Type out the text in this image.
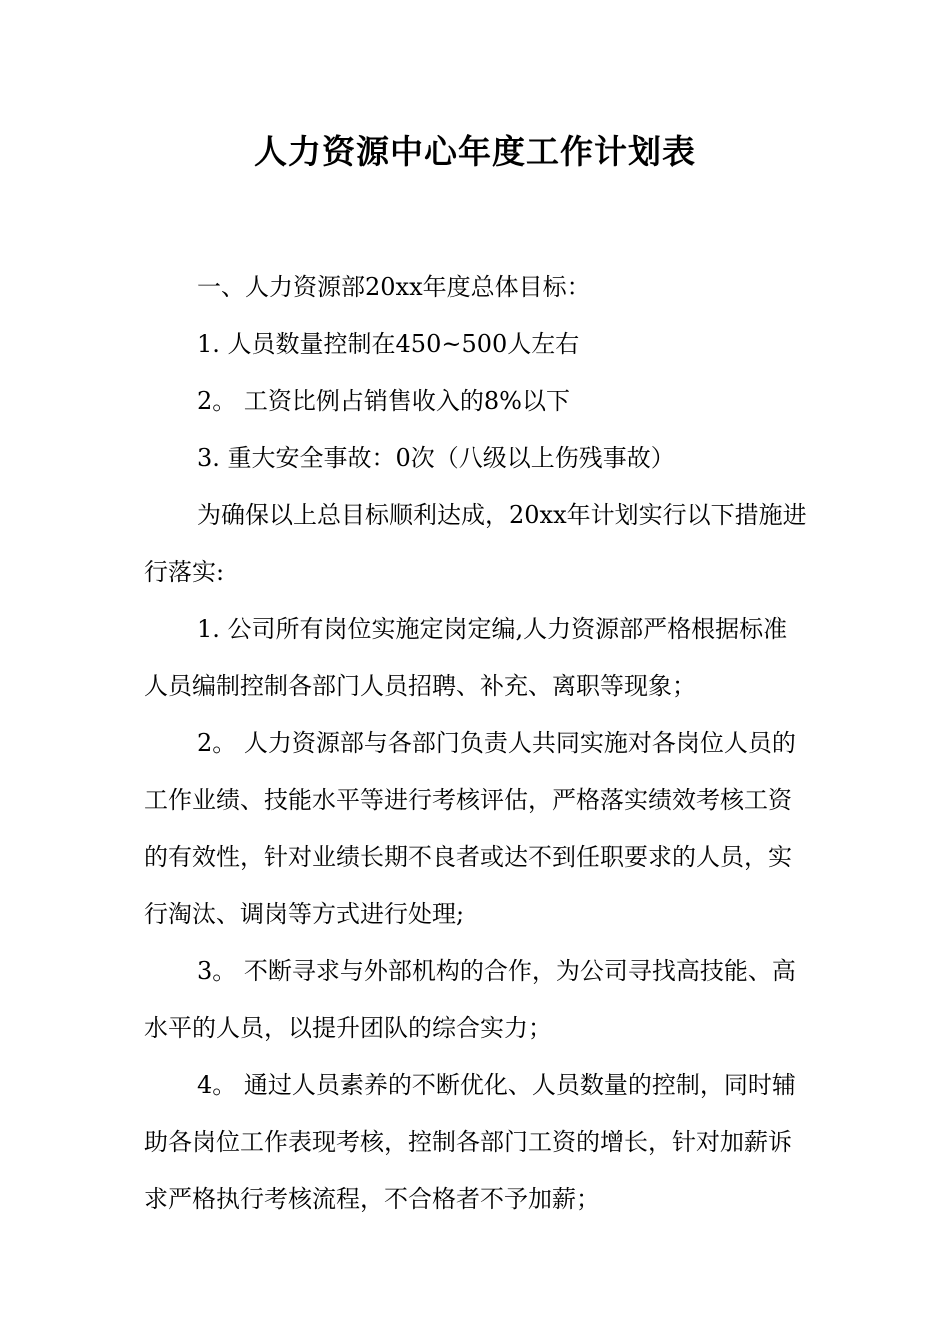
人力资源中心年度工作计划表

一、人力资源部20xx年度总体目标：

1. 人员数量控制在450~500人左右

2。 工资比例占销售收入的8%以下

3. 重大安全事故：0次（八级以上伤残事故）

为确保以上总目标顺利达成，20xx年计划实行以下措施进行落实:

1. 公司所有岗位实施定岗定编,人力资源部严格根据标准人员编制控制各部门人员招聘、补充、离职等现象；

2。 人力资源部与各部门负责人共同实施对各岗位人员的工作业绩、技能水平等进行考核评估，严格落实绩效考核工资的有效性，针对业绩长期不良者或达不到任职要求的人员，实行淘汰、调岗等方式进行处理;

3。 不断寻求与外部机构的合作，为公司寻找高技能、高水平的人员，以提升团队的综合实力；

4。 通过人员素养的不断优化、人员数量的控制，同时辅助各岗位工作表现考核，控制各部门工资的增长，针对加薪诉求严格执行考核流程，不合格者不予加薪；
